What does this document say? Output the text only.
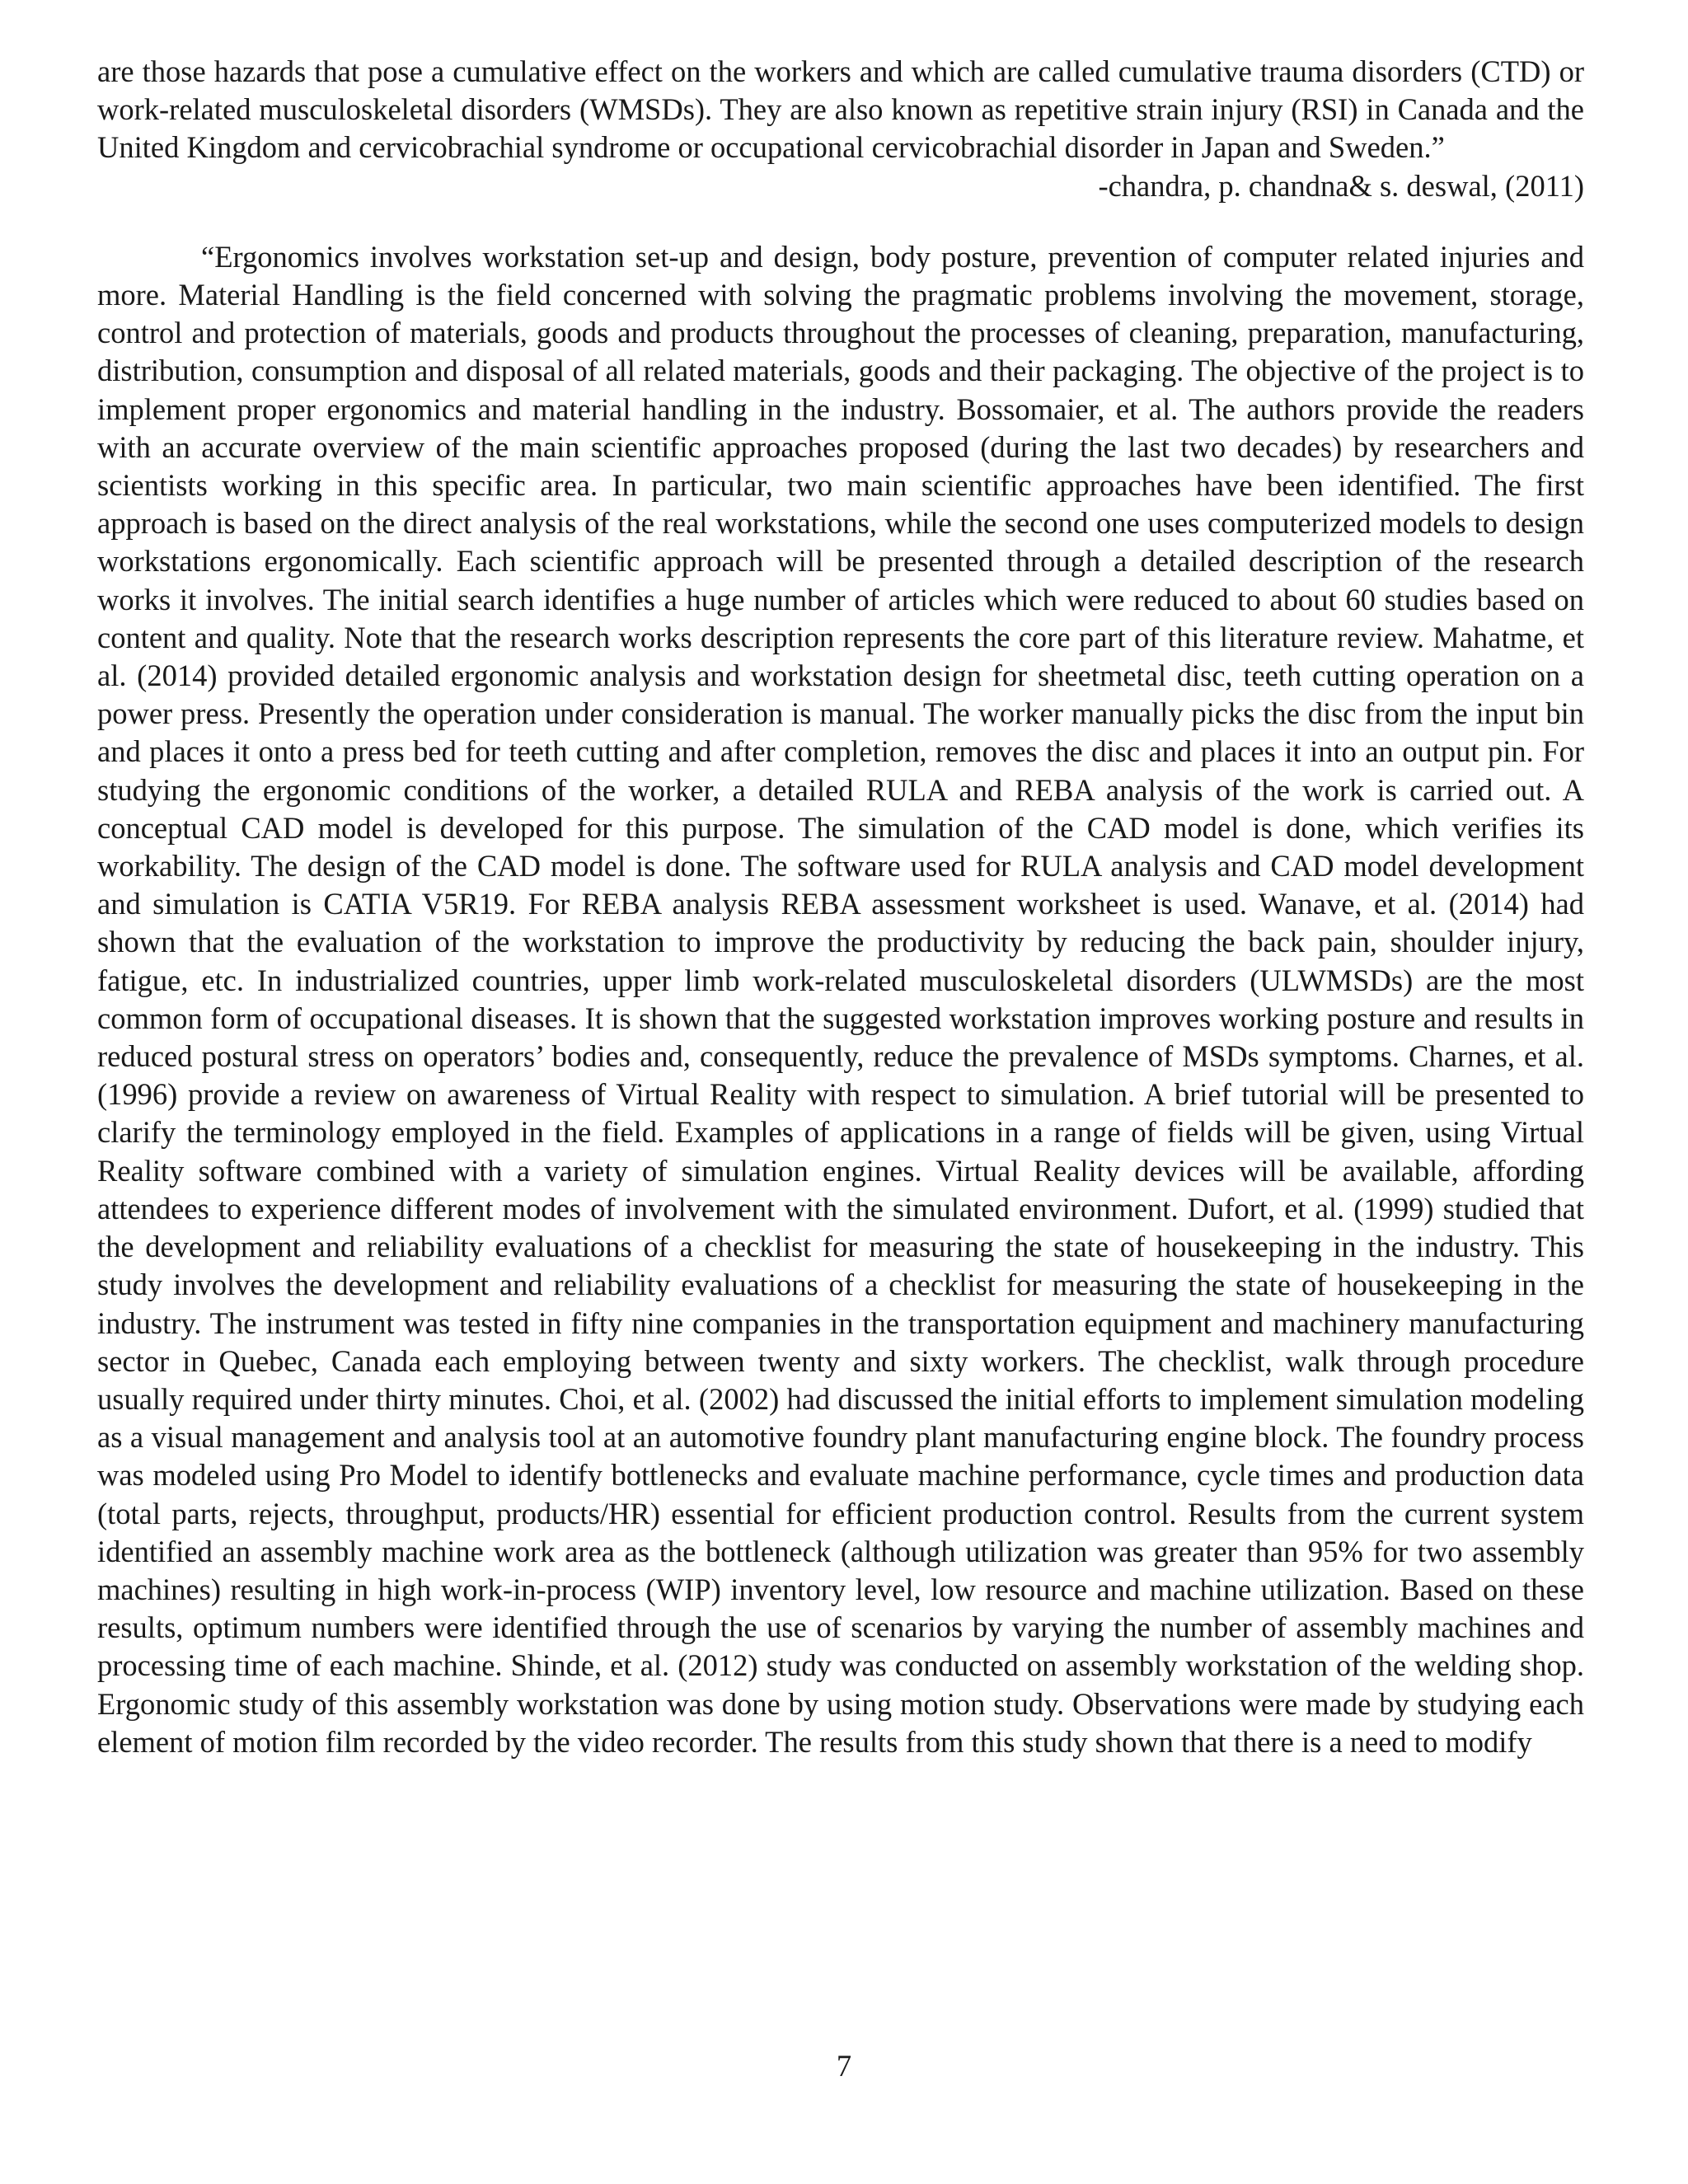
are those hazards that pose a cumulative effect on the workers and which are called cumulative trauma disorders (CTD) or work-related musculoskeletal disorders (WMSDs). They are also known as repetitive strain injury (RSI) in Canada and the United Kingdom and cervicobrachial syndrome or occupational cervicobrachial disorder in Japan and Sweden.”

-chandra, p. chandna& s. deswal, (2011)

“Ergonomics involves workstation set-up and design, body posture, prevention of computer related injuries and more. Material Handling is the field concerned with solving the pragmatic problems involving the movement, storage, control and protection of materials, goods and products throughout the processes of cleaning, preparation, manufacturing, distribution, consumption and disposal of all related materials, goods and their packaging. The objective of the project is to implement proper ergonomics and material handling in the industry. Bossomaier, et al. The authors provide the readers with an accurate overview of the main scientific approaches proposed (during the last two decades) by researchers and scientists working in this specific area. In particular, two main scientific approaches have been identified. The first approach is based on the direct analysis of the real workstations, while the second one uses computerized models to design workstations ergonomically. Each scientific approach will be presented through a detailed description of the research works it involves. The initial search identifies a huge number of articles which were reduced to about 60 studies based on content and quality. Note that the research works description represents the core part of this literature review. Mahatme, et al. (2014) provided detailed ergonomic analysis and workstation design for sheetmetal disc, teeth cutting operation on a power press. Presently the operation under consideration is manual. The worker manually picks the disc from the input bin and places it onto a press bed for teeth cutting and after completion, removes the disc and places it into an output pin. For studying the ergonomic conditions of the worker, a detailed RULA and REBA analysis of the work is carried out. A conceptual CAD model is developed for this purpose. The simulation of the CAD model is done, which verifies its workability. The design of the CAD model is done. The software used for RULA analysis and CAD model development and simulation is CATIA V5R19. For REBA analysis REBA assessment worksheet is used. Wanave, et al. (2014) had shown that the evaluation of the workstation to improve the productivity by reducing the back pain, shoulder injury, fatigue, etc. In industrialized countries, upper limb work-related musculoskeletal disorders (ULWMSDs) are the most common form of occupational diseases. It is shown that the suggested workstation improves working posture and results in reduced postural stress on operators’ bodies and, consequently, reduce the prevalence of MSDs symptoms. Charnes, et al. (1996) provide a review on awareness of Virtual Reality with respect to simulation. A brief tutorial will be presented to clarify the terminology employed in the field. Examples of applications in a range of fields will be given, using Virtual Reality software combined with a variety of simulation engines. Virtual Reality devices will be available, affording attendees to experience different modes of involvement with the simulated environment. Dufort, et al. (1999) studied that the development and reliability evaluations of a checklist for measuring the state of housekeeping in the industry. This study involves the development and reliability evaluations of a checklist for measuring the state of housekeeping in the industry. The instrument was tested in fifty nine companies in the transportation equipment and machinery manufacturing sector in Quebec, Canada each employing between twenty and sixty workers. The checklist, walk through procedure usually required under thirty minutes. Choi, et al. (2002) had discussed the initial efforts to implement simulation modeling as a visual management and analysis tool at an automotive foundry plant manufacturing engine block. The foundry process was modeled using Pro Model to identify bottlenecks and evaluate machine performance, cycle times and production data (total parts, rejects, throughput, products/HR) essential for efficient production control. Results from the current system identified an assembly machine work area as the bottleneck (although utilization was greater than 95% for two assembly machines) resulting in high work-in-process (WIP) inventory level, low resource and machine utilization. Based on these results, optimum numbers were identified through the use of scenarios by varying the number of assembly machines and processing time of each machine. Shinde, et al. (2012) study was conducted on assembly workstation of the welding shop. Ergonomic study of this assembly workstation was done by using motion study. Observations were made by studying each element of motion film recorded by the video recorder. The results from this study shown that there is a need to modify

7
